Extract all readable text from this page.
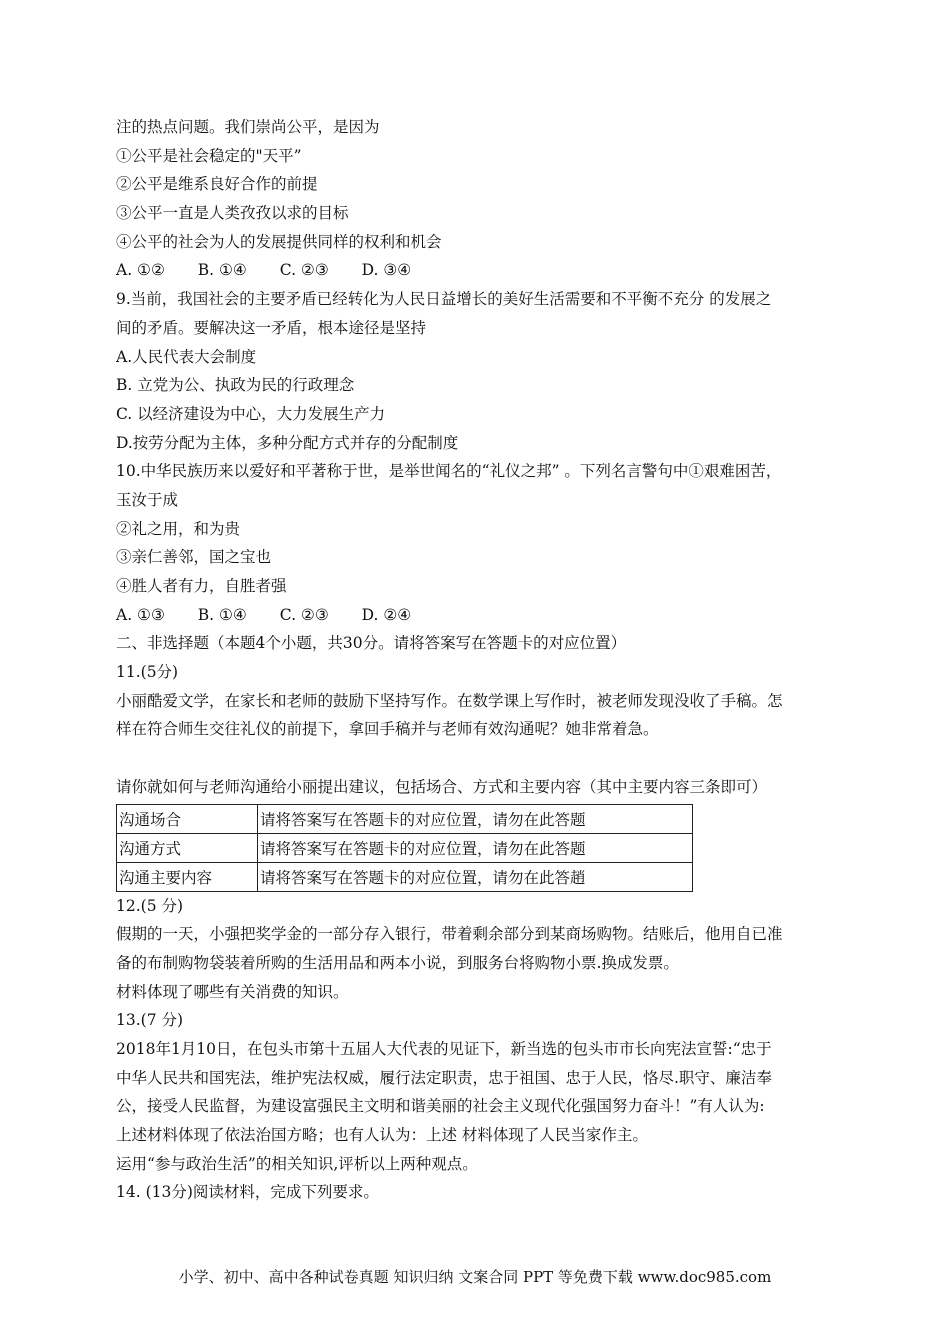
注的热点问题。我们崇尚公平，是因为
①公平是社会稳定的"天平”
②公平是维系良好合作的前提
③公平一直是人类孜孜以求的目标
④公平的社会为人的发展提供同样的权利和机会
A. ①② B. ①④ C. ②③ D. ③④
9.当前，我国社会的主要矛盾已经转化为人民日益增长的美好生活需要和不平衡不充分 的发展之
间的矛盾。要解决这一矛盾，根本途径是坚持
A.人民代表大会制度
B. 立党为公、执政为民的行政理念
C. 以经济建设为中心，大力发展生产力
D.按劳分配为主体，多种分配方式并存的分配制度
10.中华民族历来以爱好和平著称于世，是举世闻名的“礼仪之邦” 。下列名言警句中①艰难困苦，
玉汝于成
②礼之用，和为贵
③亲仁善邻，国之宝也
④胜人者有力，自胜者强
A. ①③ B. ①④ C. ②③ D. ②④
二、非选择题（本题4个小题，共30分。请将答案写在答题卡的对应位置）
11.(5分)
小丽酷爱文学，在家长和老师的鼓励下坚持写作。在数学课上写作时，被老师发现没收了手稿。怎
样在符合师生交往礼仪的前提下，拿回手稿并与老师有效沟通呢？她非常着急。
请你就如何与老师沟通给小丽提出建议，包括场合、方式和主要内容（其中主要内容三条即可）
沟通场合	请将答案写在答题卡的对应位置，请勿在此答题
沟通方式	请将答案写在答题卡的对应位置，请勿在此答题
沟通主要内容	请将答案写在答题卡的对应位置，请勿在此答趙
12.(5 分)
假期的一天，小强把奖学金的一部分存入银行，带着剩余部分到某商场购物。结账后，他用自已准
备的布制购物袋装着所购的生活用品和两本小说，到服务台将购物小票.换成发票。
材料体现了哪些有关消费的知识。
13.(7 分)
2018年1月10日，在包头市第十五届人大代表的见证下，新当选的包头市市长向宪法宣誓:“忠于
中华人民共和国宪法，维护宪法权威，履行法定职责，忠于祖国、忠于人民，恪尽.职守、廉洁奉
公，接受人民监督，为建设富强民主文明和谐美丽的社会主义现代化强国努力奋斗！”有人认为:
上述材料体现了依法治国方略；也有人认为：上述 材料体现了人民当家作主。
运用“参与政治生活”的相关知识,评析以上两种观点。
14. (13分)阅读材料，完成下列要求。
小学、初中、高中各种试卷真题 知识归纳 文案合同 PPT 等免费下载 www.doc985.com
